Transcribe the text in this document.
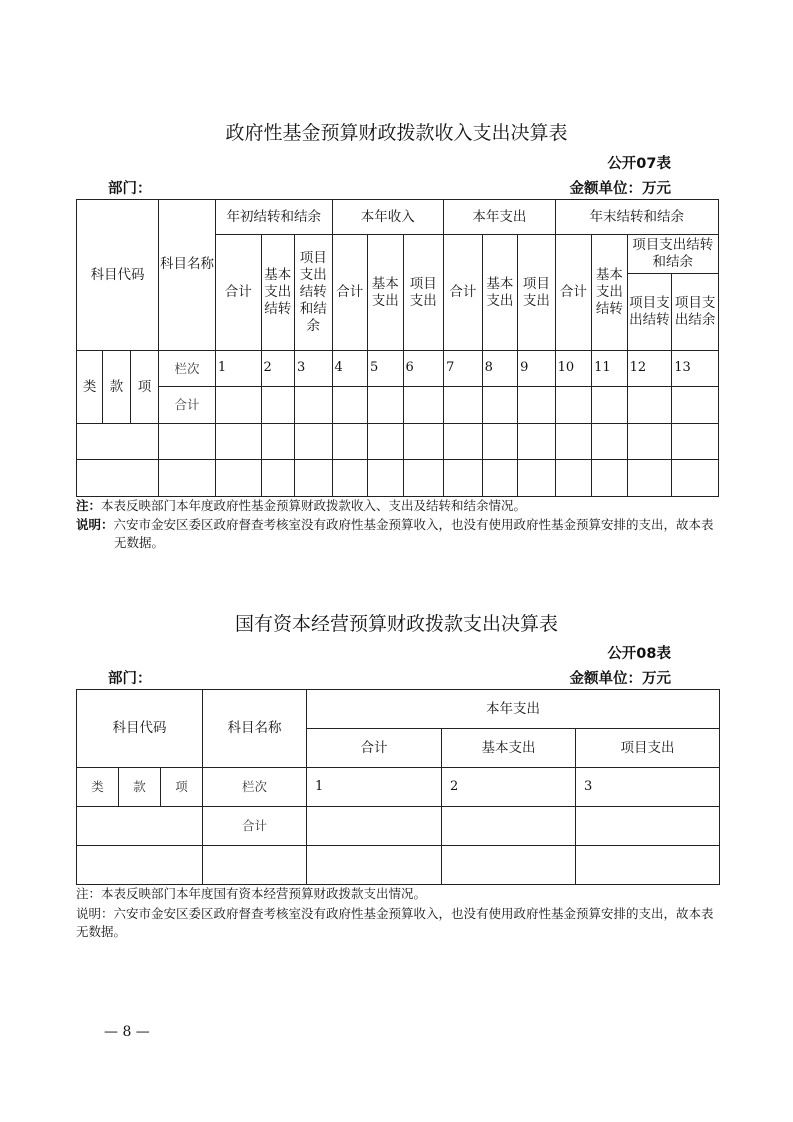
政府性基金预算财政拨款收入支出决算表
公开07表
部门：	金额单位：万元
科目代码			科目名称	年初结转和结余			本年收入			本年支出			年末结转和结余			
				合计	基本支出结转	项目支出结转和结余	合计	基本支出	项目支出	合计	基本支出	项目支出	合计	基本支出结转	项目支出结转和结余	
															项目支出结转	项目支出结余

类	款	项	栏次	1	2	3	4	5	6	7	8	9	10	11	12	13
			合计													

注：本表反映部门本年度政府性基金预算财政拨款收入、支出及结转和结余情况。
说明：六安市金安区委区政府督查考核室没有政府性基金预算收入，也没有使用政府性基金预算安排的支出，故本表无数据。
国有资本经营预算财政拨款支出决算表
公开08表
部门：	金额单位：万元
科目代码			科目名称	本年支出		
				合计	基本支出	项目支出
类	款	项	栏次	1	2	3
			合计			

注：本表反映部门本年度国有资本经营预算财政拨款支出情况。
说明：六安市金安区委区政府督查考核室没有政府性基金预算收入，也没有使用政府性基金预算安排的支出，故本表无数据。
— 8 —
